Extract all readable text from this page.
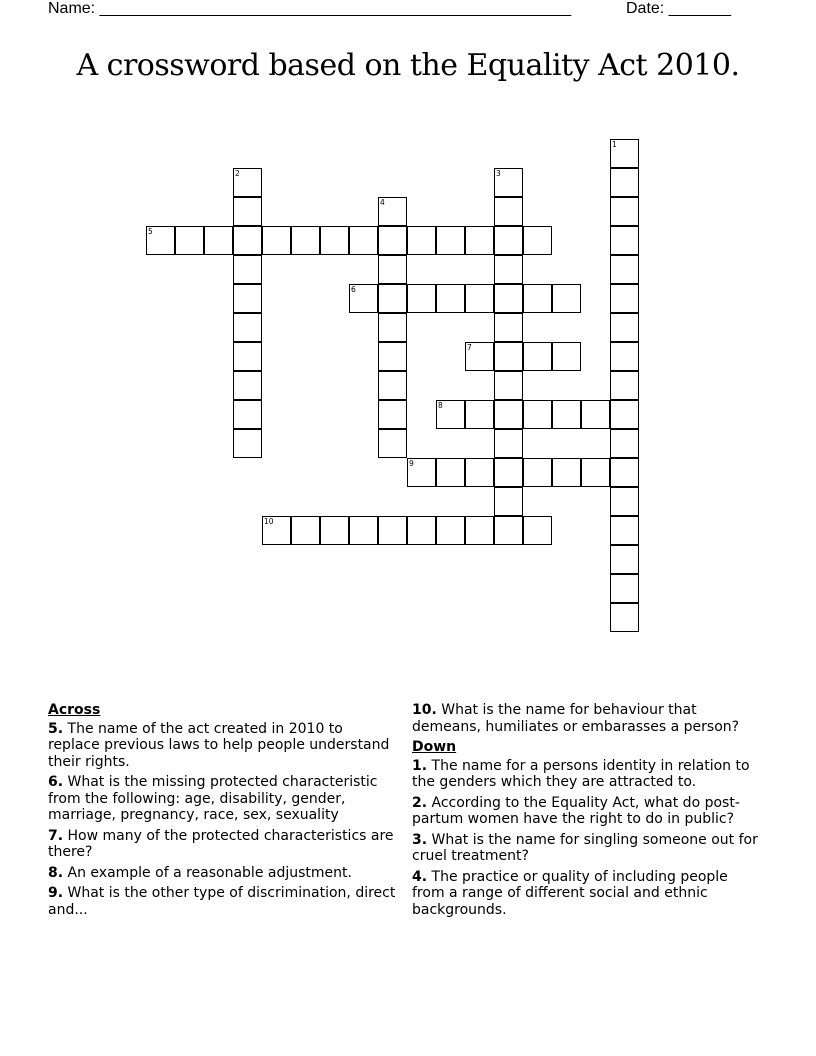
Name: _____________________________________________________	Date: _______
A crossword based on the Equality Act 2010.
1
2	3
4
5
6
7
8
9
10
Across
5. The name of the act created in 2010 to replace previous laws to help people understand their rights.
6. What is the missing protected characteristic from the following: age, disability, gender, marriage, pregnancy, race, sex, sexuality
7. How many of the protected characteristics are there?
8. An example of a reasonable adjustment.
9. What is the other type of discrimination, direct and...
10. What is the name for behaviour that demeans, humiliates or embarasses a person?
Down
1. The name for a persons identity in relation to the genders which they are attracted to.
2. According to the Equality Act, what do post-partum women have the right to do in public?
3. What is the name for singling someone out for cruel treatment?
4. The practice or quality of including people from a range of different social and ethnic backgrounds.
